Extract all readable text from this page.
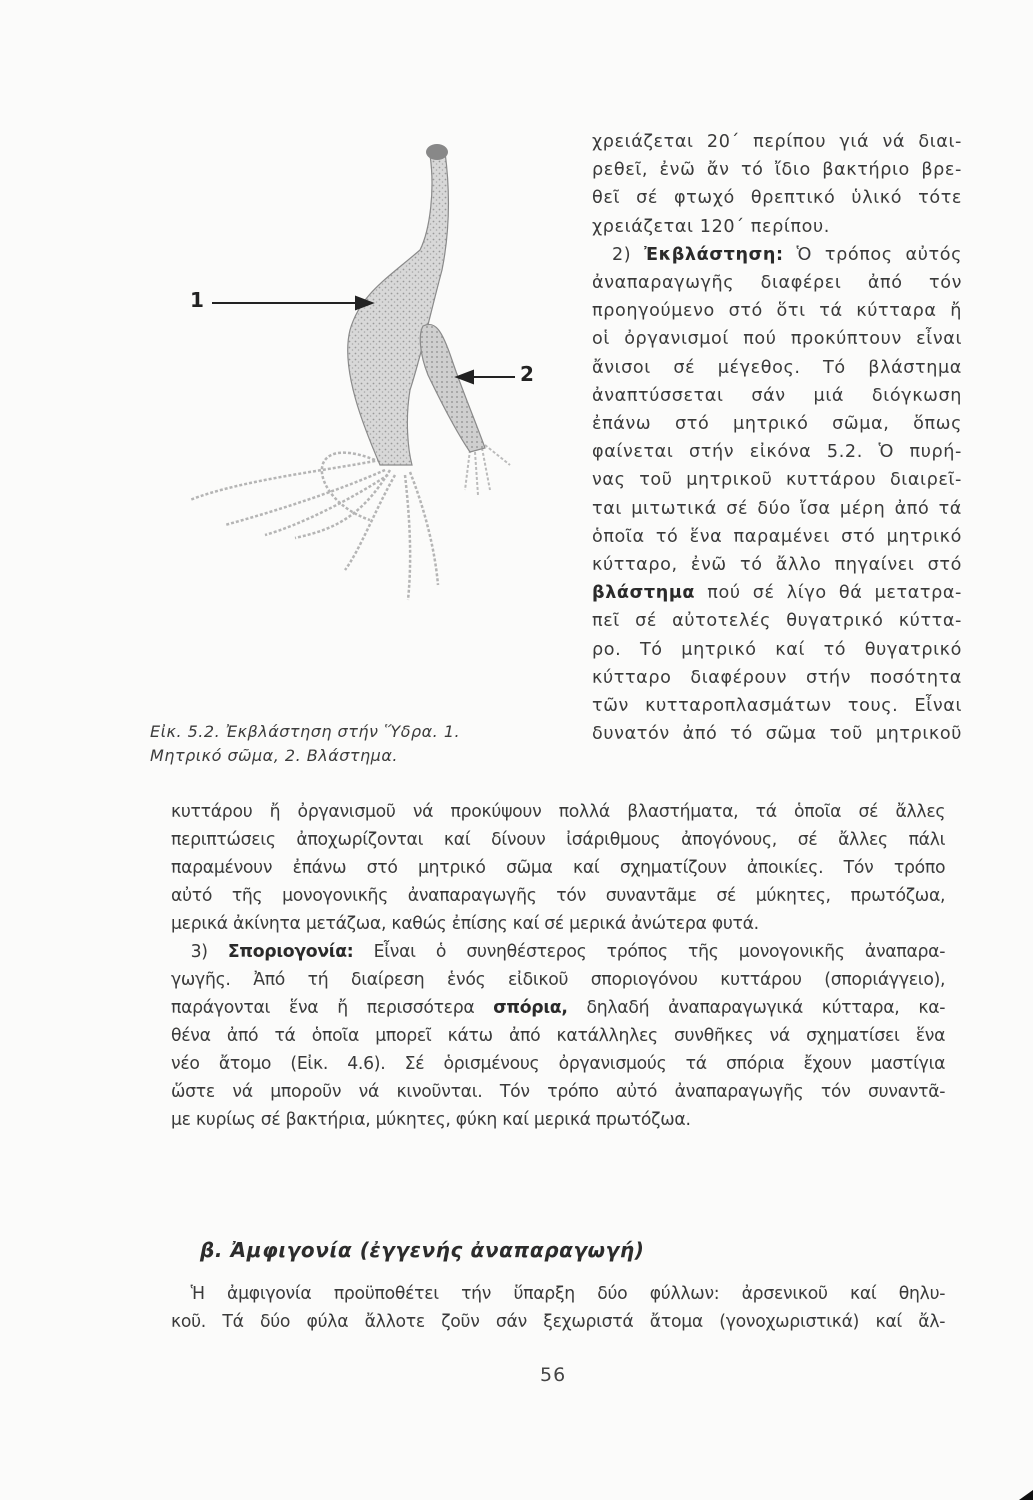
1
2
Εἰκ. 5.2. Ἐκβλάστηση στήν Ὕδρα. 1.
Μητρικό σῶμα, 2. Βλάστημα.
χρειάζεται 20΄ περίπου γιά νά διαι-
ρεθεῖ, ἐνῶ ἄν τό ἴδιο βακτήριο βρε-
θεῖ σέ φτωχό θρεπτικό ὑλικό τότε
χρειάζεται 120΄ περίπου.
2) Ἐκβλάστηση: Ὁ τρόπος αὐτός
ἀναπαραγωγῆς διαφέρει ἀπό τόν
προηγούμενο στό ὅτι τά κύτταρα ἤ
οἱ ὀργανισμοί πού προκύπτουν εἶναι
ἄνισοι σέ μέγεθος. Τό βλάστημα
ἀναπτύσσεται σάν μιά διόγκωση
ἐπάνω στό μητρικό σῶμα, ὅπως
φαίνεται στήν εἰκόνα 5.2. Ὁ πυρή-
νας τοῦ μητρικοῦ κυττάρου διαιρεῖ-
ται μιτωτικά σέ δύο ἴσα μέρη ἀπό τά
ὁποῖα τό ἕνα παραμένει στό μητρικό
κύτταρο, ἐνῶ τό ἄλλο πηγαίνει στό
βλάστημα πού σέ λίγο θά μετατρα-
πεῖ σέ αὐτοτελές θυγατρικό κύττα-
ρο. Τό μητρικό καί τό θυγατρικό
κύτταρο διαφέρουν στήν ποσότητα
τῶν κυτταροπλασμάτων τους. Εἶναι
δυνατόν ἀπό τό σῶμα τοῦ μητρικοῦ
κυττάρου ἤ ὀργανισμοῦ νά προκύψουν πολλά βλαστήματα, τά ὁποῖα σέ ἄλλες
περιπτώσεις ἀποχωρίζονται καί δίνουν ἰσάριθμους ἀπογόνους, σέ ἄλλες πάλι
παραμένουν ἐπάνω στό μητρικό σῶμα καί σχηματίζουν ἀποικίες. Τόν τρόπο
αὐτό τῆς μονογονικῆς ἀναπαραγωγῆς τόν συναντᾶμε σέ μύκητες, πρωτόζωα,
μερικά ἀκίνητα μετάζωα, καθώς ἐπίσης καί σέ μερικά ἀνώτερα φυτά.
3) Σποριογονία: Εἶναι ὁ συνηθέστερος τρόπος τῆς μονογονικῆς ἀναπαρα-
γωγῆς. Ἀπό τή διαίρεση ἑνός εἰδικοῦ σποριογόνου κυττάρου (σποριάγγειο),
παράγονται ἕνα ἤ περισσότερα σπόρια, δηλαδή ἀναπαραγωγικά κύτταρα, κα-
θένα ἀπό τά ὁποῖα μπορεῖ κάτω ἀπό κατάλληλες συνθῆκες νά σχηματίσει ἕνα
νέο ἄτομο (Εἰκ. 4.6). Σέ ὁρισμένους ὀργανισμούς τά σπόρια ἔχουν μαστίγια
ὥστε νά μποροῦν νά κινοῦνται. Τόν τρόπο αὐτό ἀναπαραγωγῆς τόν συναντᾶ-
με κυρίως σέ βακτήρια, μύκητες, φύκη καί μερικά πρωτόζωα.
β. Ἀμφιγονία (ἐγγενής ἀναπαραγωγή)
Ἡ ἀμφιγονία προϋποθέτει τήν ὕπαρξη δύο φύλλων: ἀρσενικοῦ καί θηλυ-
κοῦ. Τά δύο φύλα ἄλλοτε ζοῦν σάν ξεχωριστά ἄτομα (γονοχωριστικά) καί ἄλ-
56
